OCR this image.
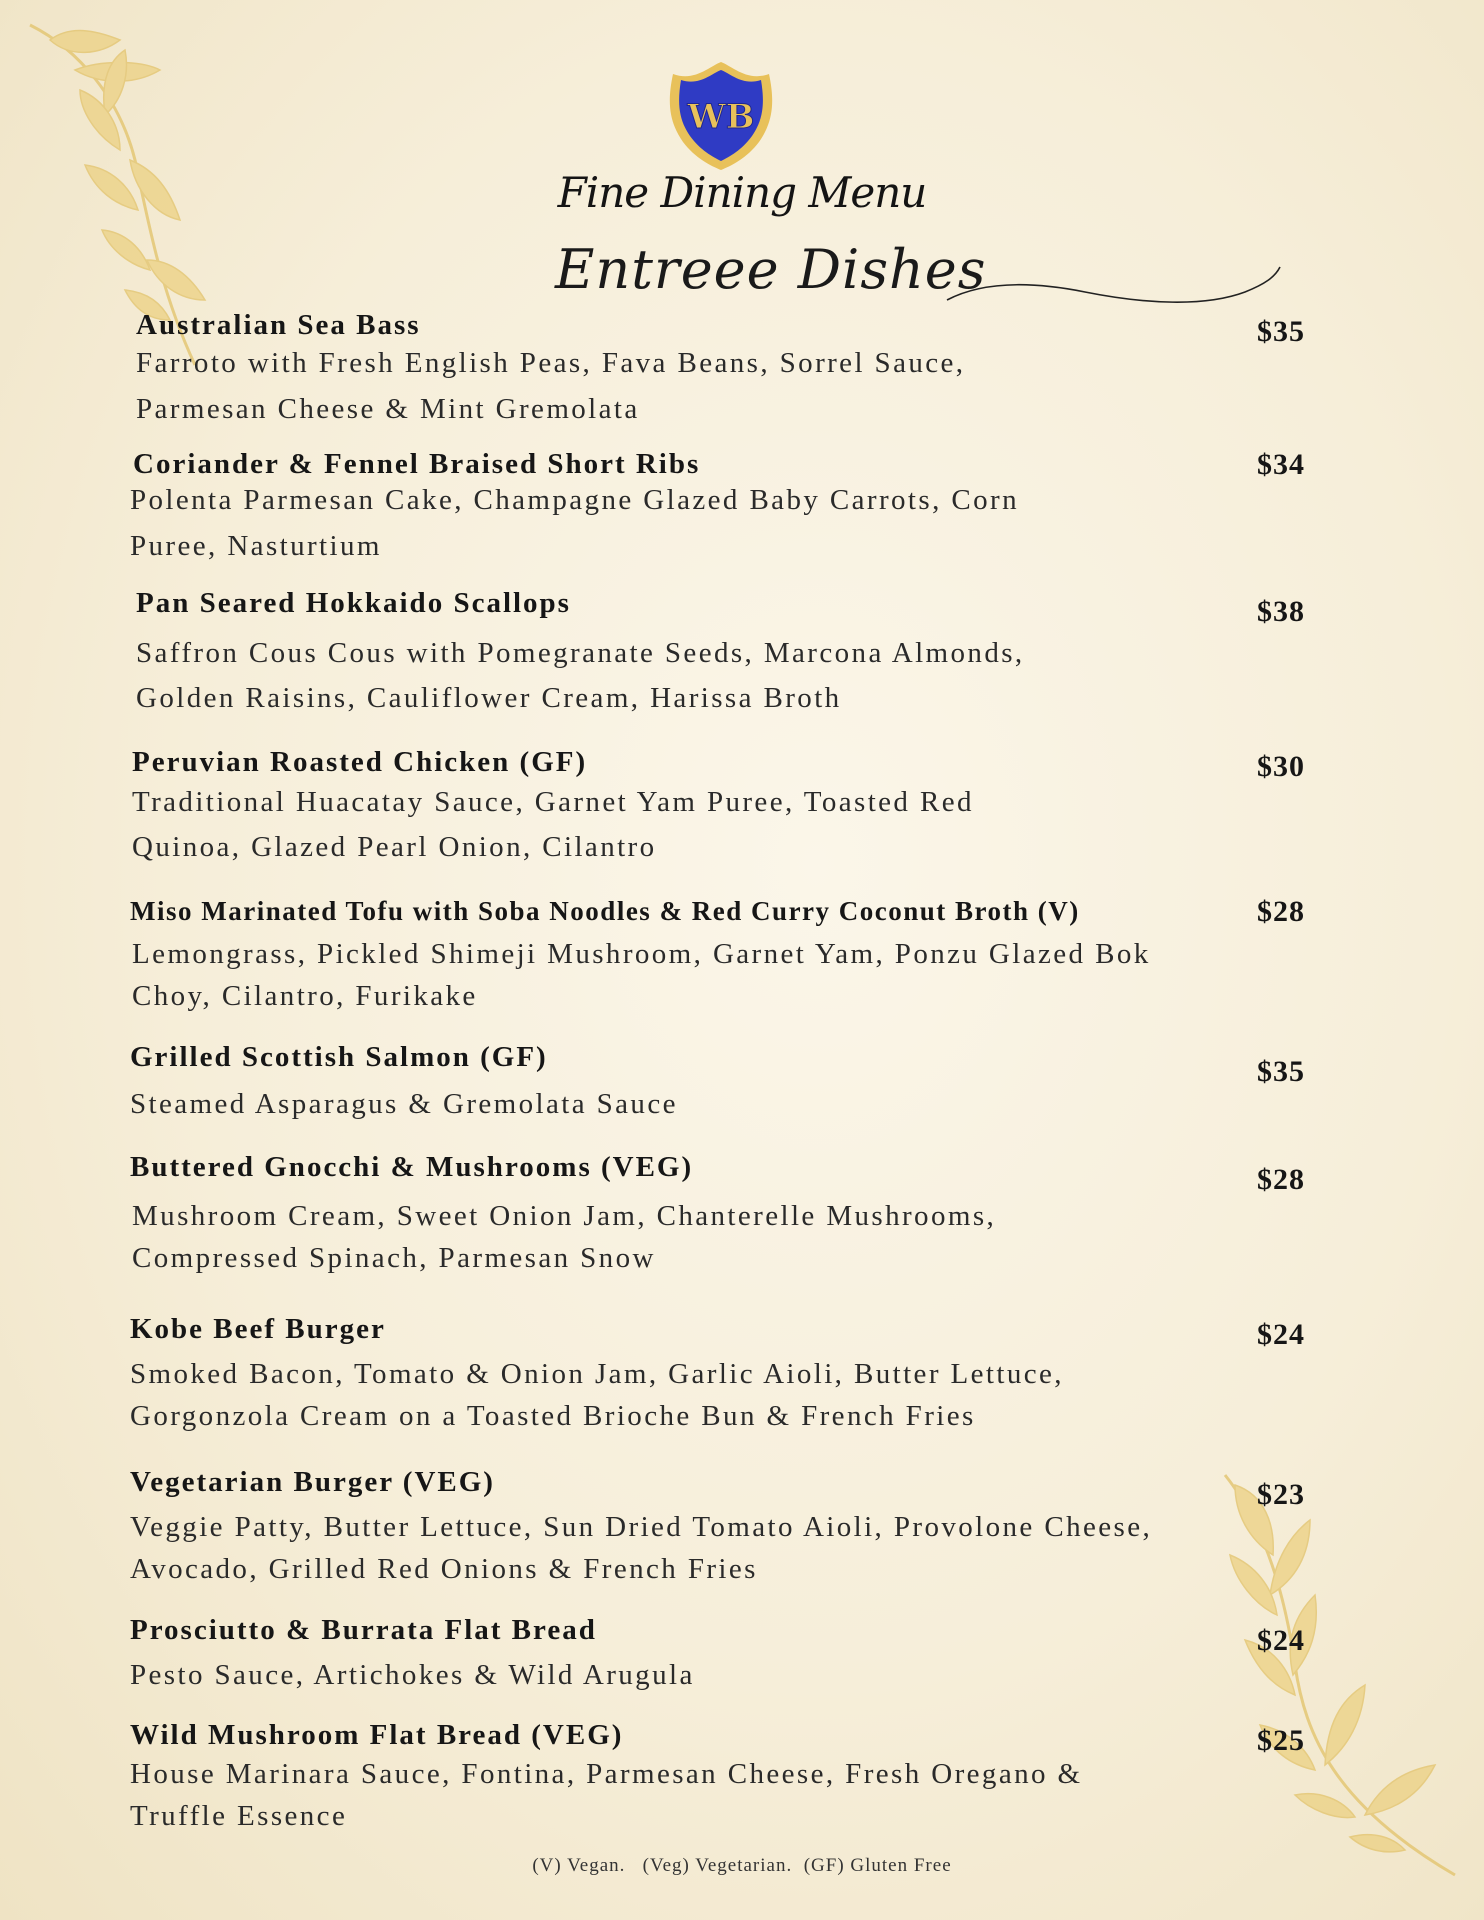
WB
Fine Dining Menu
Entreee Dishes
Australian Sea Bass
Farroto with Fresh English Peas, Fava Beans, Sorrel Sauce,
Parmesan Cheese & Mint Gremolata
$35
Coriander & Fennel Braised Short Ribs
Polenta Parmesan Cake, Champagne Glazed Baby Carrots, Corn
Puree, Nasturtium
$34
Pan Seared Hokkaido Scallops
Saffron Cous Cous with Pomegranate Seeds, Marcona Almonds,
Golden Raisins, Cauliflower Cream, Harissa Broth
$38
Peruvian Roasted Chicken (GF)
Traditional Huacatay Sauce, Garnet Yam Puree, Toasted Red
Quinoa, Glazed Pearl Onion, Cilantro
$30
Miso Marinated Tofu with Soba Noodles & Red Curry Coconut Broth (V)
Lemongrass, Pickled Shimeji Mushroom, Garnet Yam, Ponzu Glazed Bok
Choy, Cilantro, Furikake
$28
Grilled Scottish Salmon (GF)
Steamed Asparagus & Gremolata Sauce
$35
Buttered Gnocchi & Mushrooms (VEG)
Mushroom Cream, Sweet Onion Jam, Chanterelle Mushrooms,
Compressed Spinach, Parmesan Snow
$28
Kobe Beef Burger
Smoked Bacon, Tomato & Onion Jam, Garlic Aioli, Butter Lettuce,
Gorgonzola Cream on a Toasted Brioche Bun & French Fries
$24
Vegetarian Burger (VEG)
Veggie Patty, Butter Lettuce, Sun Dried Tomato Aioli, Provolone Cheese,
Avocado, Grilled Red Onions & French Fries
$23
Prosciutto & Burrata Flat Bread
Pesto Sauce, Artichokes & Wild Arugula
$24
Wild Mushroom Flat Bread (VEG)
House Marinara Sauce, Fontina, Parmesan Cheese, Fresh Oregano &
Truffle Essence
$25
(V) Vegan.   (Veg) Vegetarian.  (GF) Gluten Free
